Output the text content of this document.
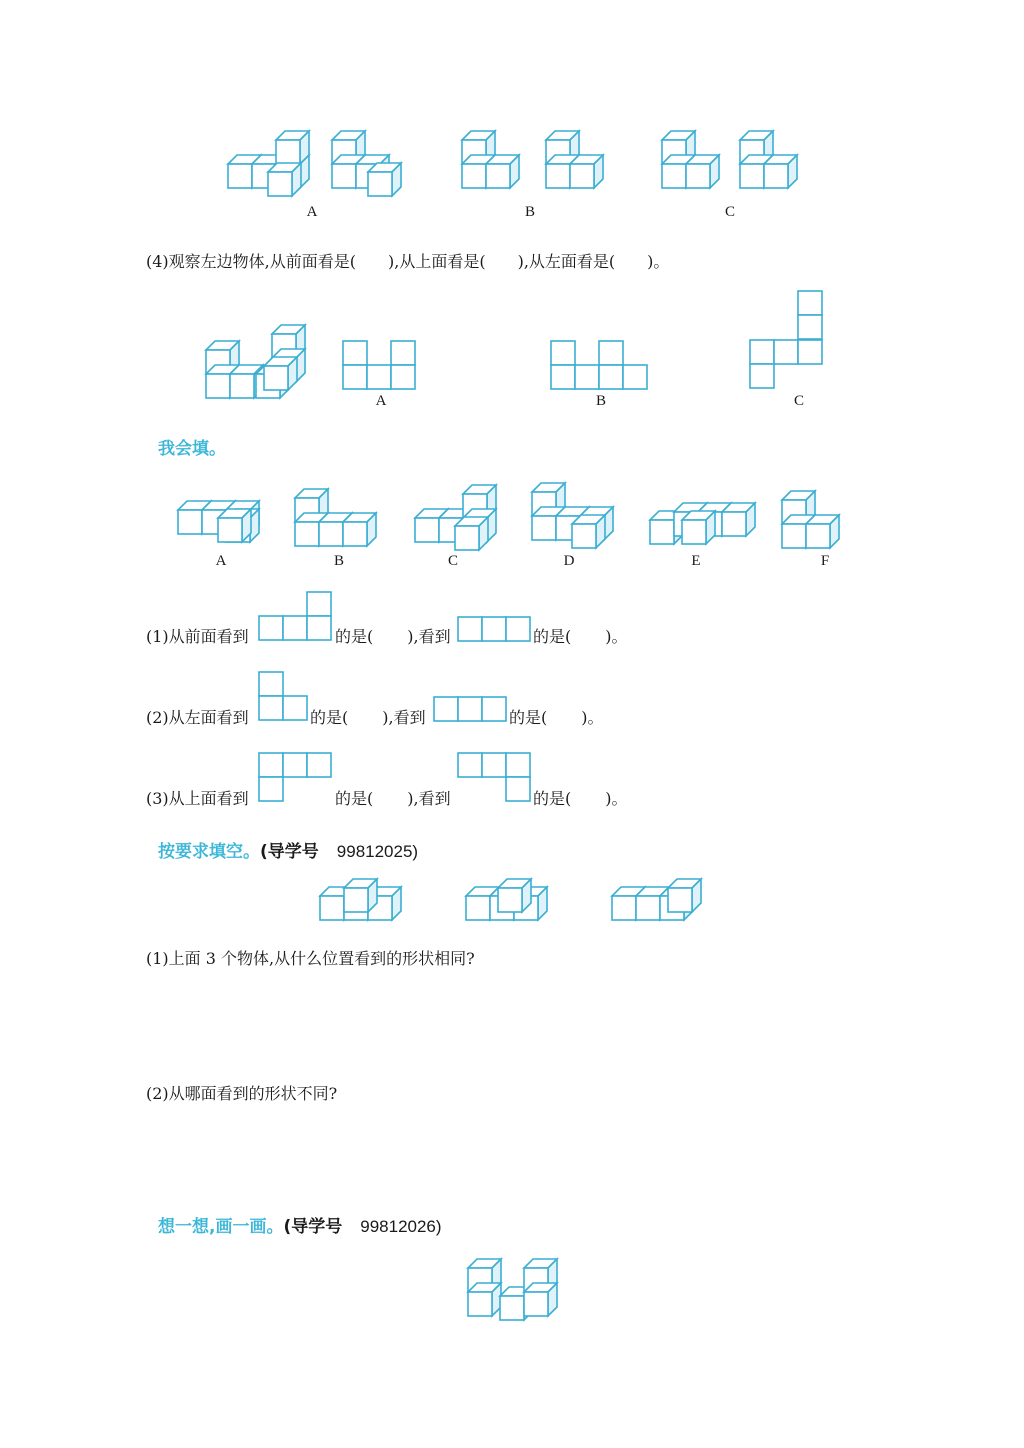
A	B	C
(4)观察左边物体,从前面看是( ),从上面看是( ),从左面看是( )。
A	B	C
我会填。
A	B	C	D	E	F
(1)从前面看到	的是( ),看到	的是( )。
(2)从左面看到	的是( ),看到	的是( )。
(3)从上面看到	的是( ),看到	的是( )。
按要求填空。(导学号 99812025)
(1)上面 3 个物体,从什么位置看到的形状相同?
(2)从哪面看到的形状不同?
想一想,画一画。(导学号 99812026)
